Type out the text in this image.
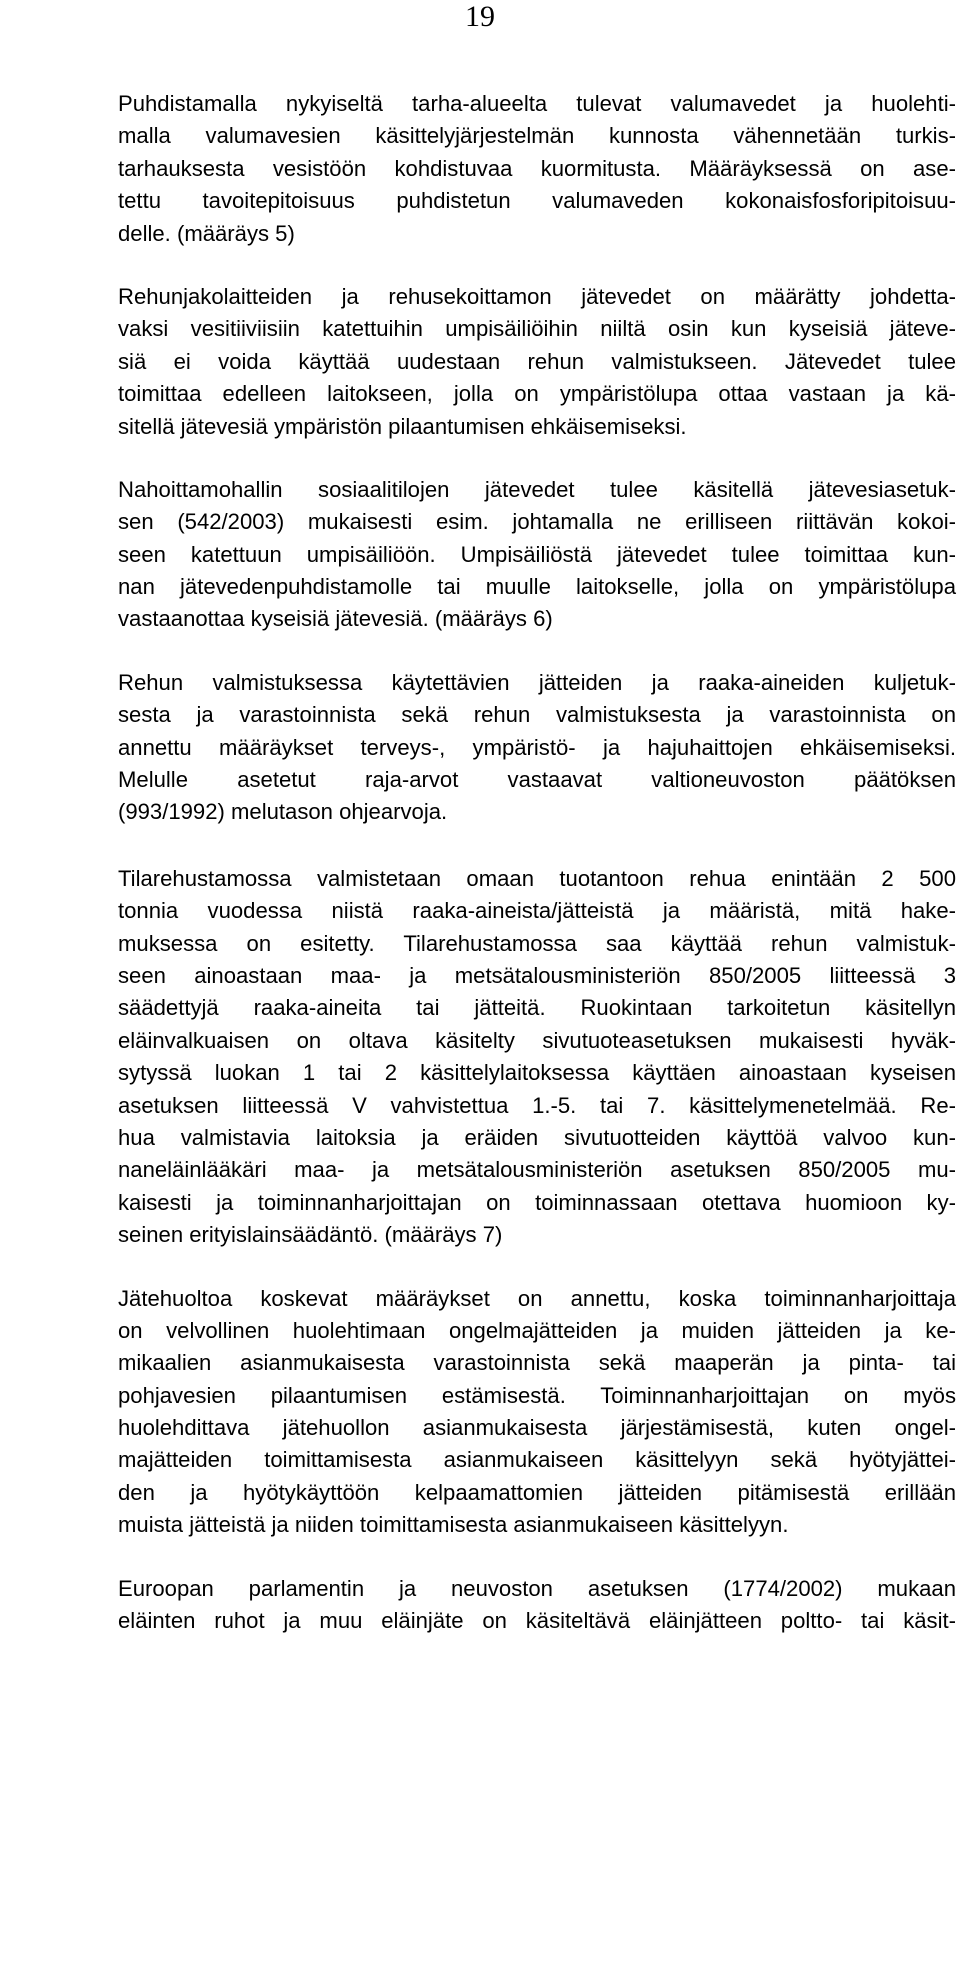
19

Puhdistamalla nykyiseltä tarha-alueelta tulevat valumavedet ja huolehti-
malla valumavesien käsittelyjärjestelmän kunnosta vähennetään turkis-
tarhauksesta vesistöön kohdistuvaa kuormitusta. Määräyksessä on ase-
tettu tavoitepitoisuus puhdistetun valumaveden kokonaisfosforipitoisuu-
delle. (määräys 5)

Rehunjakolaitteiden ja rehusekoittamon jätevedet on määrätty johdetta-
vaksi vesitiiviisiin katettuihin umpisäiliöihin niiltä osin kun kyseisiä jäteve-
siä ei voida käyttää uudestaan rehun valmistukseen. Jätevedet tulee
toimittaa edelleen laitokseen, jolla on ympäristölupa ottaa vastaan ja kä-
sitellä jätevesiä ympäristön pilaantumisen ehkäisemiseksi.

Nahoittamohallin sosiaalitilojen jätevedet tulee käsitellä jätevesiasetuk-
sen (542/2003) mukaisesti esim. johtamalla ne erilliseen riittävän kokoi-
seen katettuun umpisäiliöön. Umpisäiliöstä jätevedet tulee toimittaa kun-
nan jätevedenpuhdistamolle tai muulle laitokselle, jolla on ympäristölupa
vastaanottaa kyseisiä jätevesiä. (määräys 6)

Rehun valmistuksessa käytettävien jätteiden ja raaka-aineiden kuljetuk-
sesta ja varastoinnista sekä rehun valmistuksesta ja varastoinnista on
annettu määräykset terveys-, ympäristö- ja hajuhaittojen ehkäisemiseksi.
Melulle asetetut raja-arvot vastaavat valtioneuvoston päätöksen
(993/1992) melutason ohjearvoja.

Tilarehustamossa valmistetaan omaan tuotantoon rehua enintään 2 500
tonnia vuodessa niistä raaka-aineista/jätteistä ja määristä, mitä hake-
muksessa on esitetty. Tilarehustamossa saa käyttää rehun valmistuk-
seen ainoastaan maa- ja metsätalousministeriön 850/2005 liitteessä 3
säädettyjä raaka-aineita tai jätteitä. Ruokintaan tarkoitetun käsitellyn
eläinvalkuaisen on oltava käsitelty sivutuoteasetuksen mukaisesti hyväk-
sytyssä luokan 1 tai 2 käsittelylaitoksessa käyttäen ainoastaan kyseisen
asetuksen liitteessä V vahvistettua 1.-5. tai 7. käsittelymenetelmää. Re-
hua valmistavia laitoksia ja eräiden sivutuotteiden käyttöä valvoo kun-
naneläinlääkäri maa- ja metsätalousministeriön asetuksen 850/2005 mu-
kaisesti ja toiminnanharjoittajan on toiminnassaan otettava huomioon ky-
seinen erityislainsäädäntö. (määräys 7)

Jätehuoltoa koskevat määräykset on annettu, koska toiminnanharjoittaja
on velvollinen huolehtimaan ongelmajätteiden ja muiden jätteiden ja ke-
mikaalien asianmukaisesta varastoinnista sekä maaperän ja pinta- tai
pohjavesien pilaantumisen estämisestä. Toiminnanharjoittajan on myös
huolehdittava jätehuollon asianmukaisesta järjestämisestä, kuten ongel-
majätteiden toimittamisesta asianmukaiseen käsittelyyn sekä hyötyjättei-
den ja hyötykäyttöön kelpaamattomien jätteiden pitämisestä erillään
muista jätteistä ja niiden toimittamisesta asianmukaiseen käsittelyyn.

Euroopan parlamentin ja neuvoston asetuksen (1774/2002) mukaan
eläinten ruhot ja muu eläinjäte on käsiteltävä eläinjätteen poltto- tai käsit-
